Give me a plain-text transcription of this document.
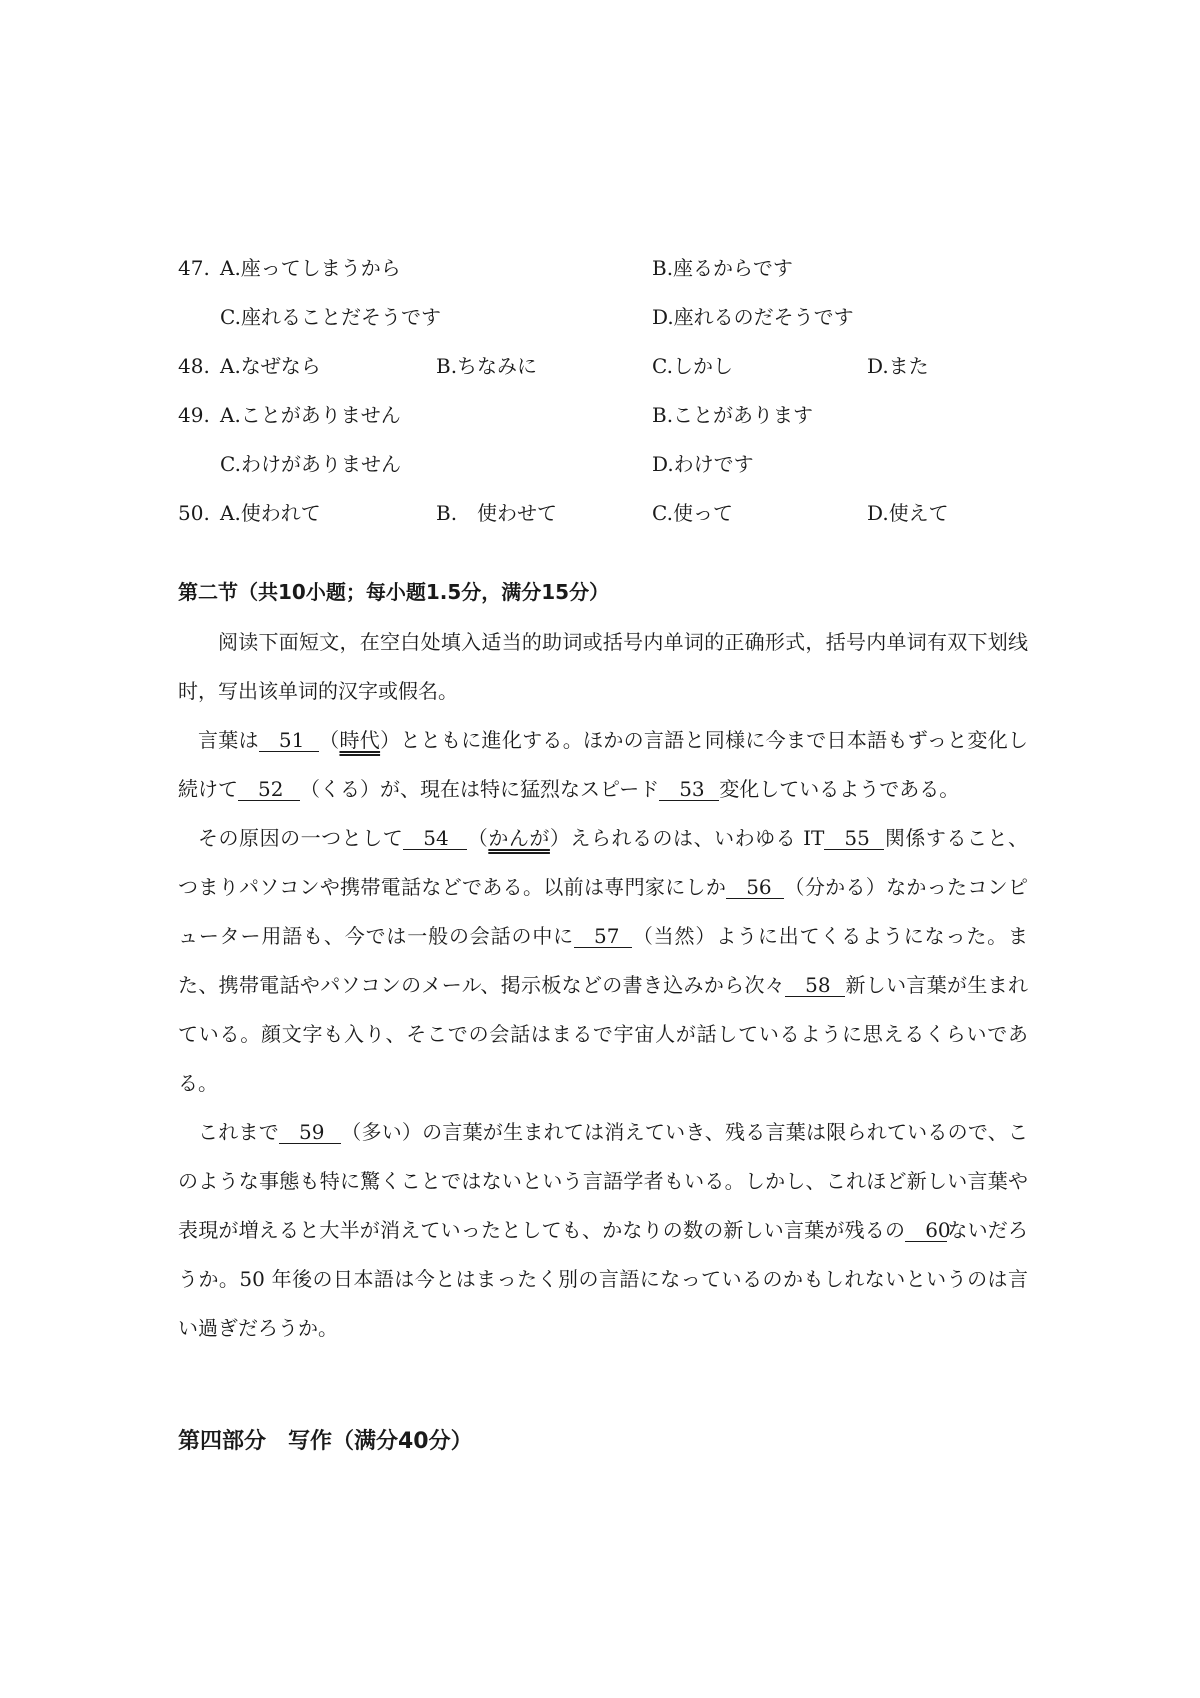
47. A.座ってしまうから	B.座るからです
C.座れることだそうです	D.座れるのだそうです
48. A.なぜなら	B.ちなみに	C.しかし	D.また
49. A.ことがありません	B.ことがあります
C.わけがありません	D.わけです
50. A.使われて	B.　使わせて	C.使って	D.使えて
第二节（共10小题；每小题1.5分，满分15分）

阅读下面短文，在空白处填入适当的助词或括号内单词的正确形式，括号内单词有双下划线时，写出该单词的汉字或假名。

言葉は 51 （時代）とともに進化する。ほかの言語と同様に今まで日本語もずっと変化し続けて 52 （くる）が、現在は特に猛烈なスピード 53 変化しているようである。

その原因の一つとして 54 （かんが）えられるのは、いわゆる IT 55 関係すること、つまりパソコンや携帯電話などである。以前は専門家にしか 56 （分かる）なかったコンピューター用語も、今では一般の会話の中に 57 （当然）ように出てくるようになった。また、携帯電話やパソコンのメール、掲示板などの書き込みから次々 58 新しい言葉が生まれている。顔文字も入り、そこでの会話はまるで宇宙人が話しているように思えるくらいである。

これまで 59 （多い）の言葉が生まれては消えていき、残る言葉は限られているので、このような事態も特に驚くことではないという言語学者もいる。しかし、これほど新しい言葉や表現が増えると大半が消えていったとしても、かなりの数の新しい言葉が残るの 60ないだろうか。50 年後の日本語は今とはまったく別の言語になっているのかもしれないというのは言い過ぎだろうか。

第四部分　写作（满分40分）
